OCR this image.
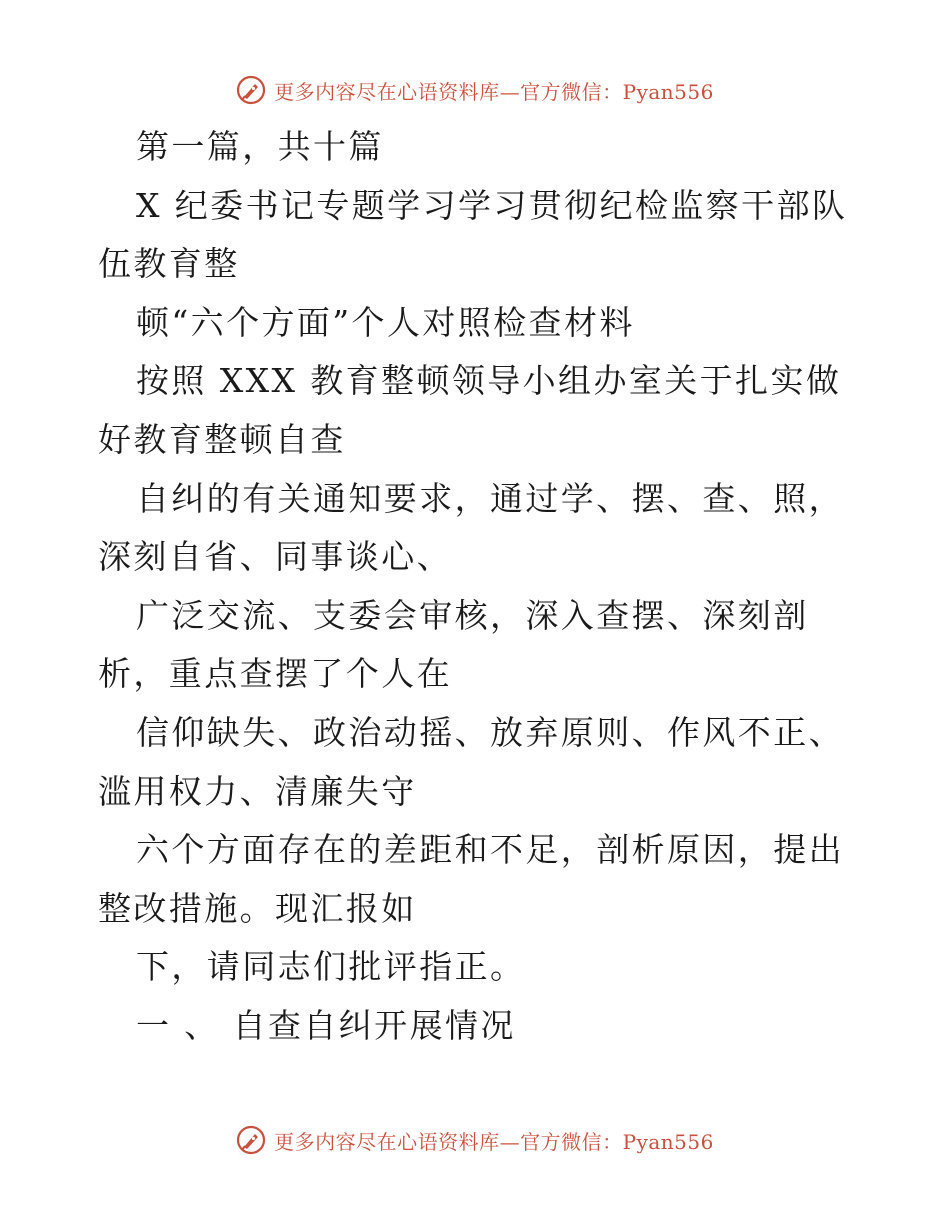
更多内容尽在心语资料库—官方微信：Pyan556

第一篇，共十篇

X 纪委书记专题学习学习贯彻纪检监察干部队伍教育整

顿“六个方面”个人对照检查材料

按照 XXX 教育整顿领导小组办室关于扎实做好教育整顿自查

自纠的有关通知要求，通过学、摆、查、照，深刻自省、同事谈心、

广泛交流、支委会审核，深入查摆、深刻剖析，重点查摆了个人在

信仰缺失、政治动摇、放弃原则、作风不正、滥用权力、清廉失守

六个方面存在的差距和不足，剖析原因，提出整改措施。现汇报如

下，请同志们批评指正。

一 、 自查自纠开展情况

更多内容尽在心语资料库—官方微信：Pyan556
